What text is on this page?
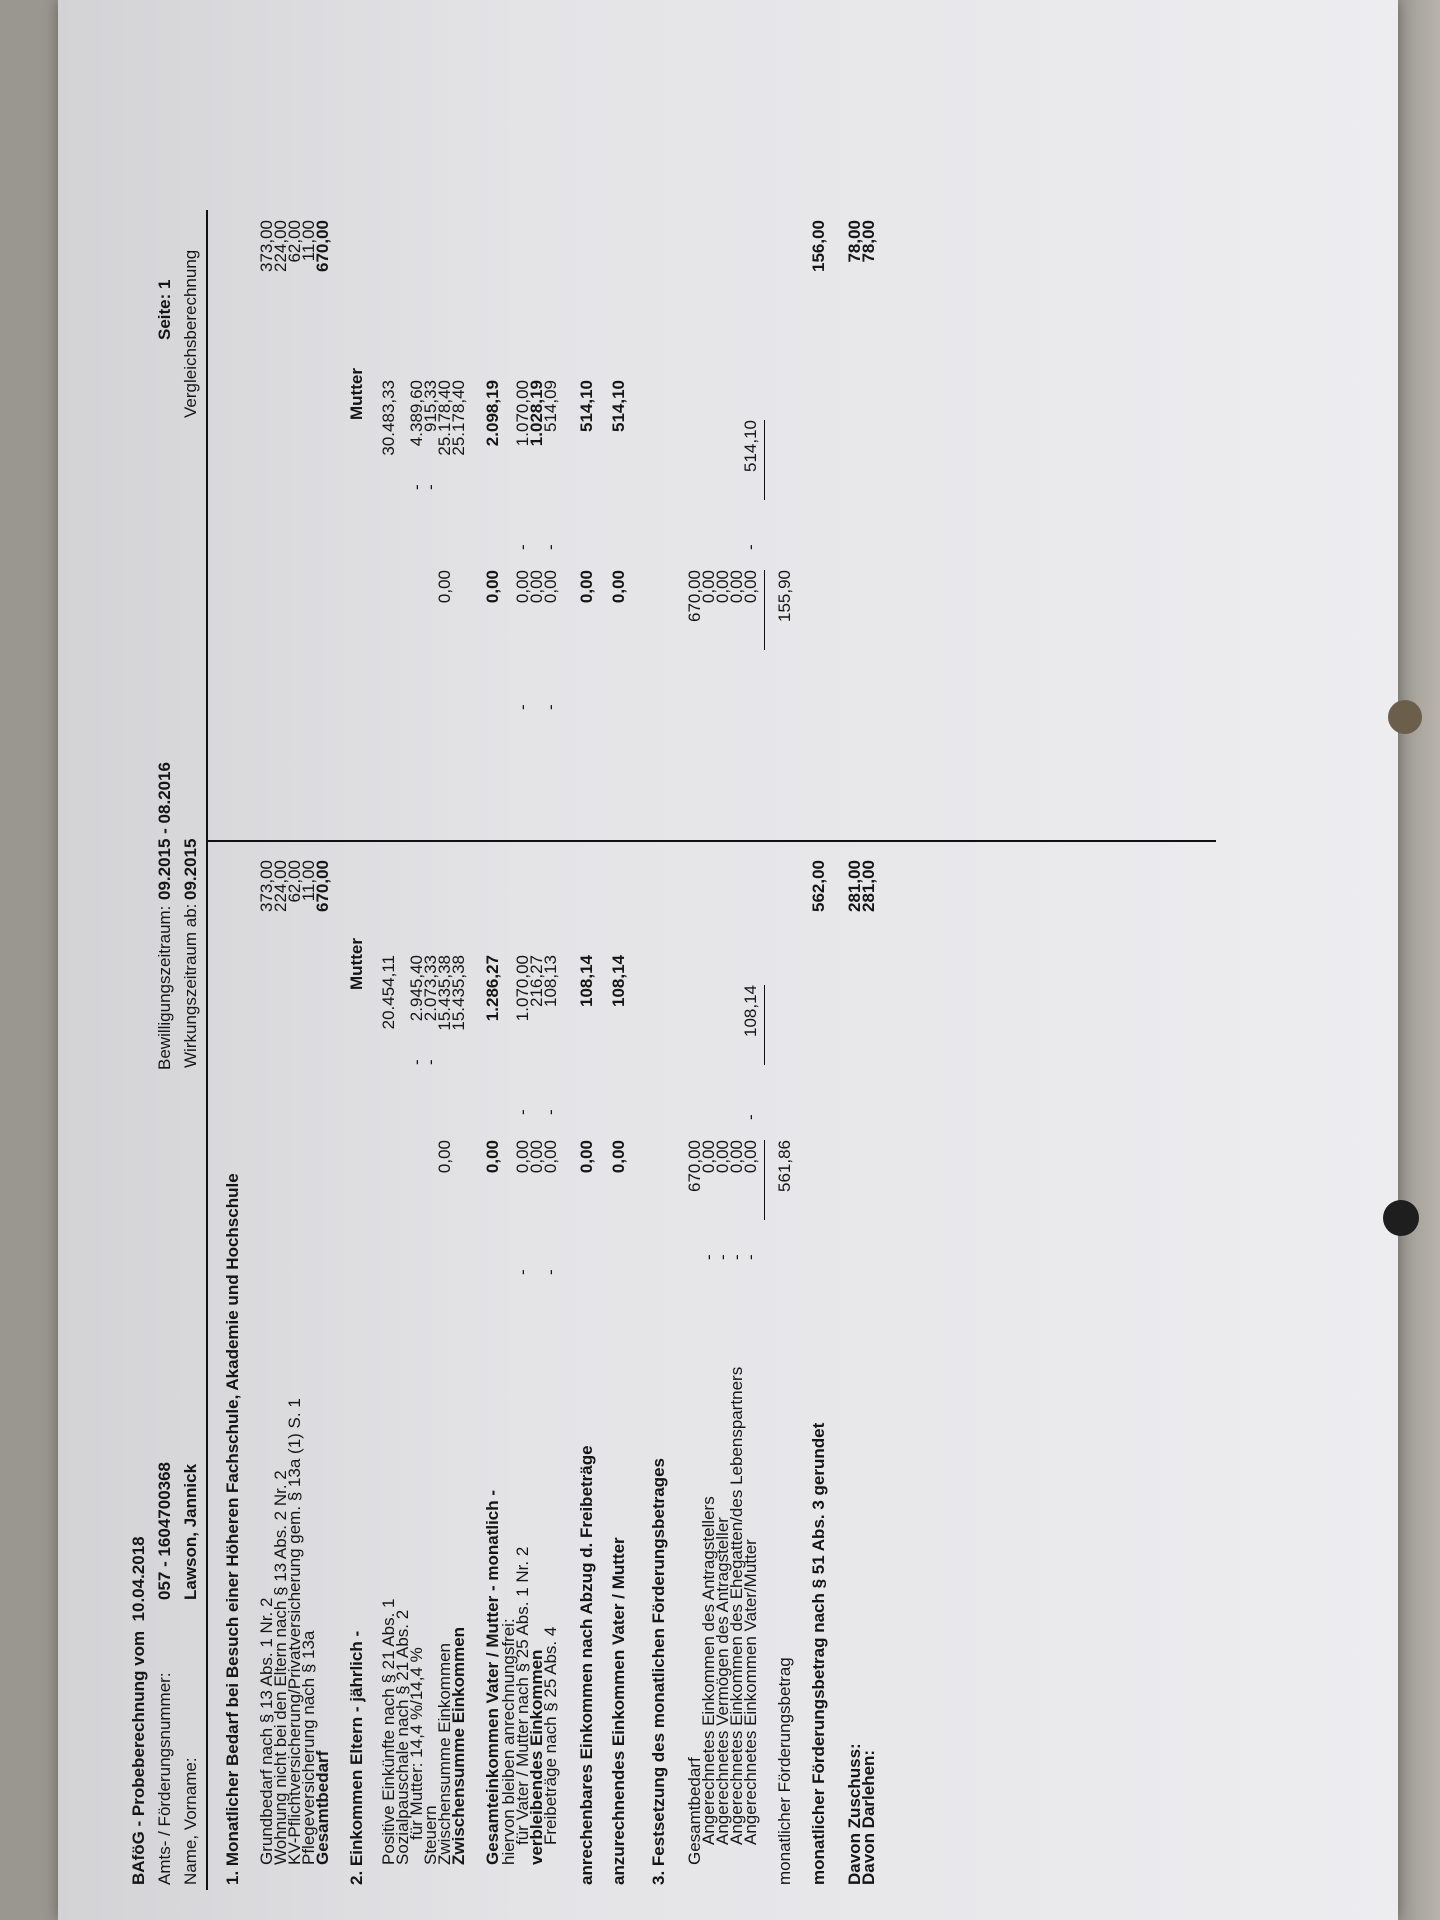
BAföG - Probeberechnung vom  10.04.2018
Amts- / Förderungsnummer:
057 - 1604700368
Name, Vorname:
Lawson, Jannick
Bewilligungszeitraum:
09.2015 - 08.2016
Wirkungszeitraum ab:
09.2015
Seite: 1 Vergleichsberechnung
1. Monatlicher Bedarf bei Besuch einer Höheren Fachschule, Akademie und Hochschule Grundbedarf nach § 13 Abs. 1 Nr. 2
Wohnung nicht bei den Eltern nach § 13 Abs. 2 Nr. 2
KV-Pflichtversicherung/Privatversicherung gem. § 13a (1) S. 1
Pflegeversicherung nach § 13a
Gesamtbedarf
373,00
224,00
62,00
11,00
670,00
373,00
224,00
62,00
11,00
670,00
2. Einkommen Eltern - jährlich -
Mutter
Mutter
Positive Einkünfte nach § 21 Abs. 1
20.454,11
30.483,33
Sozialpauschale nach § 21 Abs. 2
für Mutter: 14,4 %/14,4 %
-
2.945,40
-
4.389,60
Steuern
-
2.073,33
-
915,33
Zwischensumme Einkommen
0,00
15.435,38
0,00
25.178,40
Zwischensumme Einkommen
15.435,38
25.178,40
Gesamteinkommen Vater / Mutter - monatlich -
0,00
1.286,27
0,00
2.098,19
hiervon bleiben anrechnungsfrei:
-
0,00
-
1.070,00
-
0,00
-
1.070,00
für Vater / Mutter nach § 25 Abs. 1 Nr. 2
0,00
216,27
0,00
1.028,19
verbleibendes Einkommen
-
0,00
-
108,13
-
0,00
-
514,09
Freibeträge nach § 25 Abs. 4 anrechenbares Einkommen nach Abzug d. Freibeträge
0,00
108,14
0,00
514,10
anzurechnendes Einkommen Vater / Mutter
0,00
108,14
0,00
514,10
3. Festsetzung des monatlichen Förderungsbetrages Gesamtbedarf
670,00
670,00
Angerechnetes Einkommen des Antragstellers
-
0,00
0,00
Angerechnetes Vermögen des Antragsteller
-
0,00
0,00
Angerechnetes Einkommen des Ehegatten/des Lebenspartners
-
0,00
0,00
Angerechnetes Einkommen Vater/Mutter
-
0,00
-
108,14
0,00
-
514,10
monatlicher Förderungsbetrag
561,86
155,90
monatlicher Förderungsbetrag nach § 51 Abs. 3 gerundet
562,00
156,00
Davon Zuschuss:
281,00
78,00
Davon Darlehen:
281,00
78,00
